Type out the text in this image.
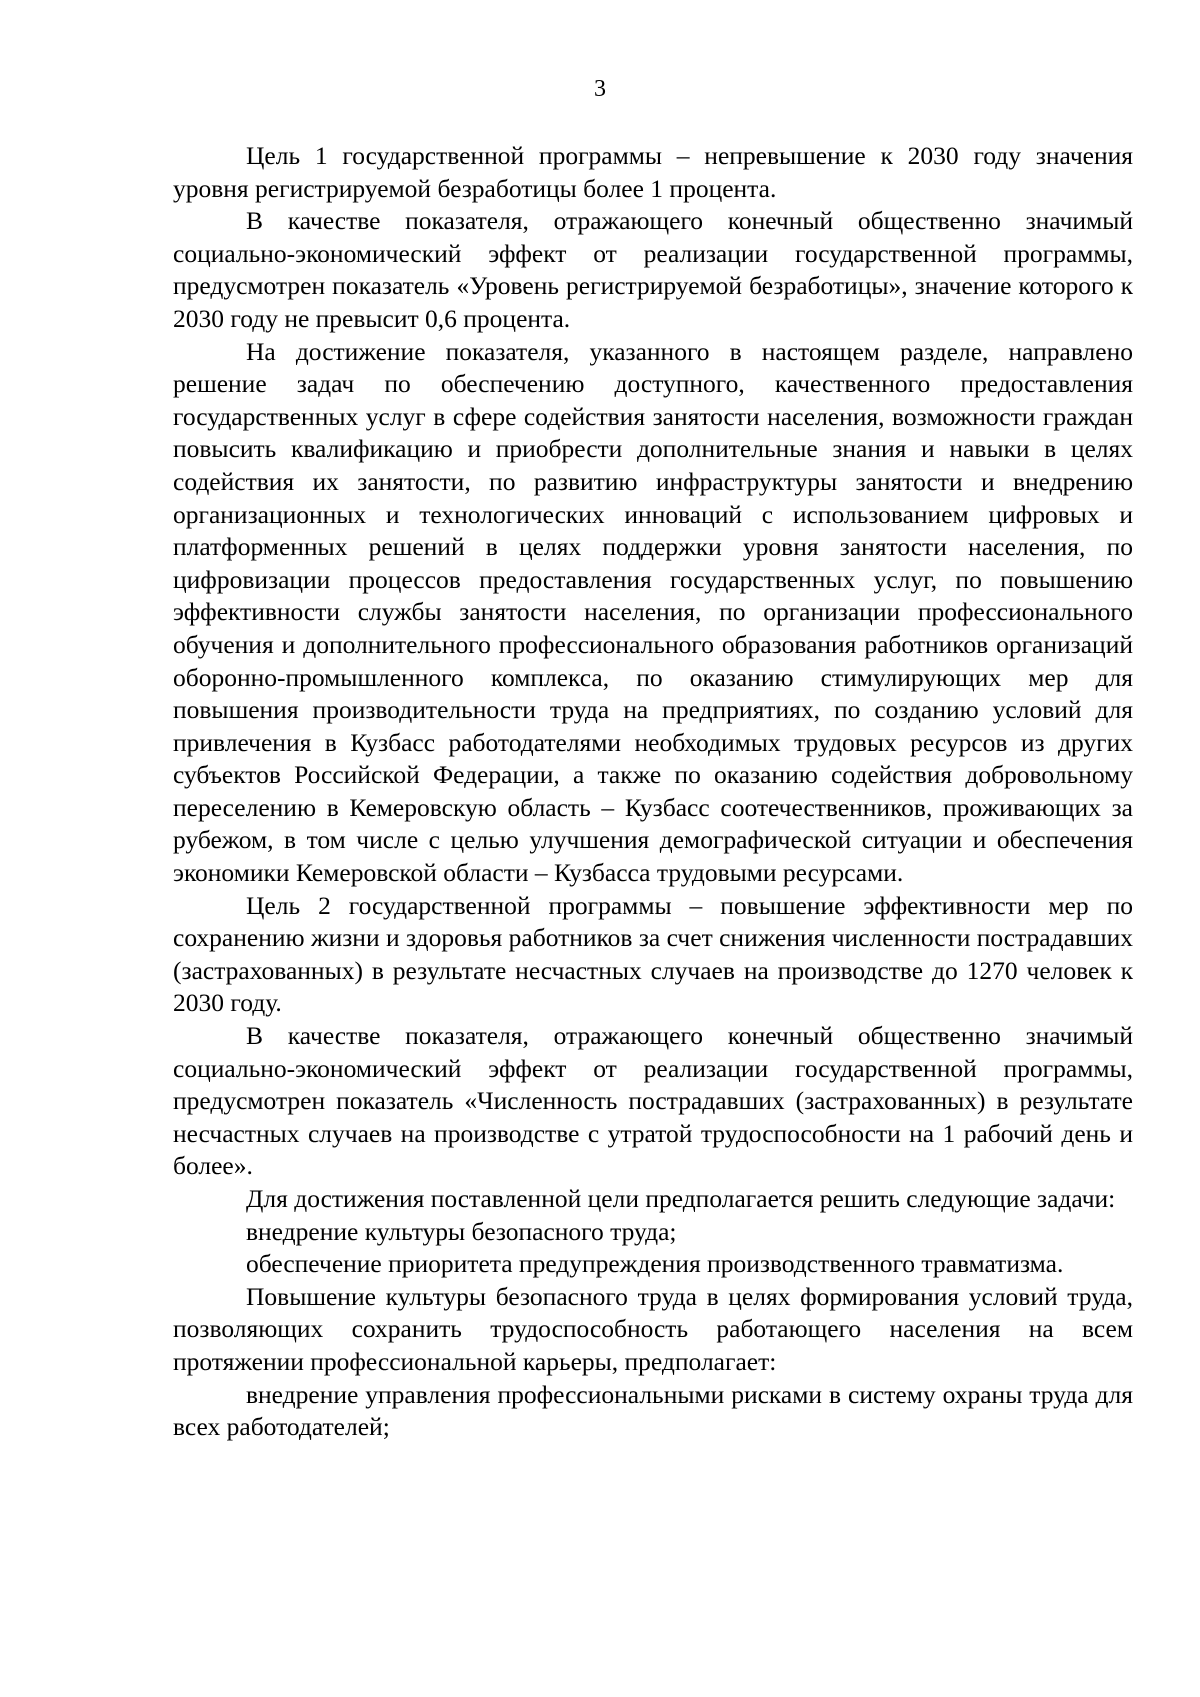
3

Цель 1 государственной программы – непревышение к 2030 году значения уровня регистрируемой безработицы более 1 процента.

В качестве показателя, отражающего конечный общественно значимый социально-экономический эффект от реализации государственной программы, предусмотрен показатель «Уровень регистрируемой безработицы», значение которого к 2030 году не превысит 0,6 процента.

На достижение показателя, указанного в настоящем разделе, направлено решение задач по обеспечению доступного, качественного предоставления государственных услуг в сфере содействия занятости населения, возможности граждан повысить квалификацию и приобрести дополнительные знания и навыки в целях содействия их занятости, по развитию инфраструктуры занятости и внедрению организационных и технологических инноваций с использованием цифровых и платформенных решений в целях поддержки уровня занятости населения, по цифровизации процессов предоставления государственных услуг, по повышению эффективности службы занятости населения, по организации профессионального обучения и дополнительного профессионального образования работников организаций оборонно-промышленного комплекса, по оказанию стимулирующих мер для повышения производительности труда на предприятиях, по созданию условий для привлечения в Кузбасс работодателями необходимых трудовых ресурсов из других субъектов Российской Федерации, а также по оказанию содействия добровольному переселению в Кемеровскую область – Кузбасс соотечественников, проживающих за рубежом, в том числе с целью улучшения демографической ситуации и обеспечения экономики Кемеровской области – Кузбасса трудовыми ресурсами.

Цель 2 государственной программы – повышение эффективности мер по сохранению жизни и здоровья работников за счет снижения численности пострадавших (застрахованных) в результате несчастных случаев на производстве до 1270 человек к 2030 году.

В качестве показателя, отражающего конечный общественно значимый социально-экономический эффект от реализации государственной программы, предусмотрен показатель «Численность пострадавших (застрахованных) в результате несчастных случаев на производстве с утратой трудоспособности на 1 рабочий день и более».

Для достижения поставленной цели предполагается решить следующие задачи:

внедрение культуры безопасного труда;

обеспечение приоритета предупреждения производственного травматизма.

Повышение культуры безопасного труда в целях формирования условий труда, позволяющих сохранить трудоспособность работающего населения на всем протяжении профессиональной карьеры, предполагает:

внедрение управления профессиональными рисками в систему охраны труда для всех работодателей;
